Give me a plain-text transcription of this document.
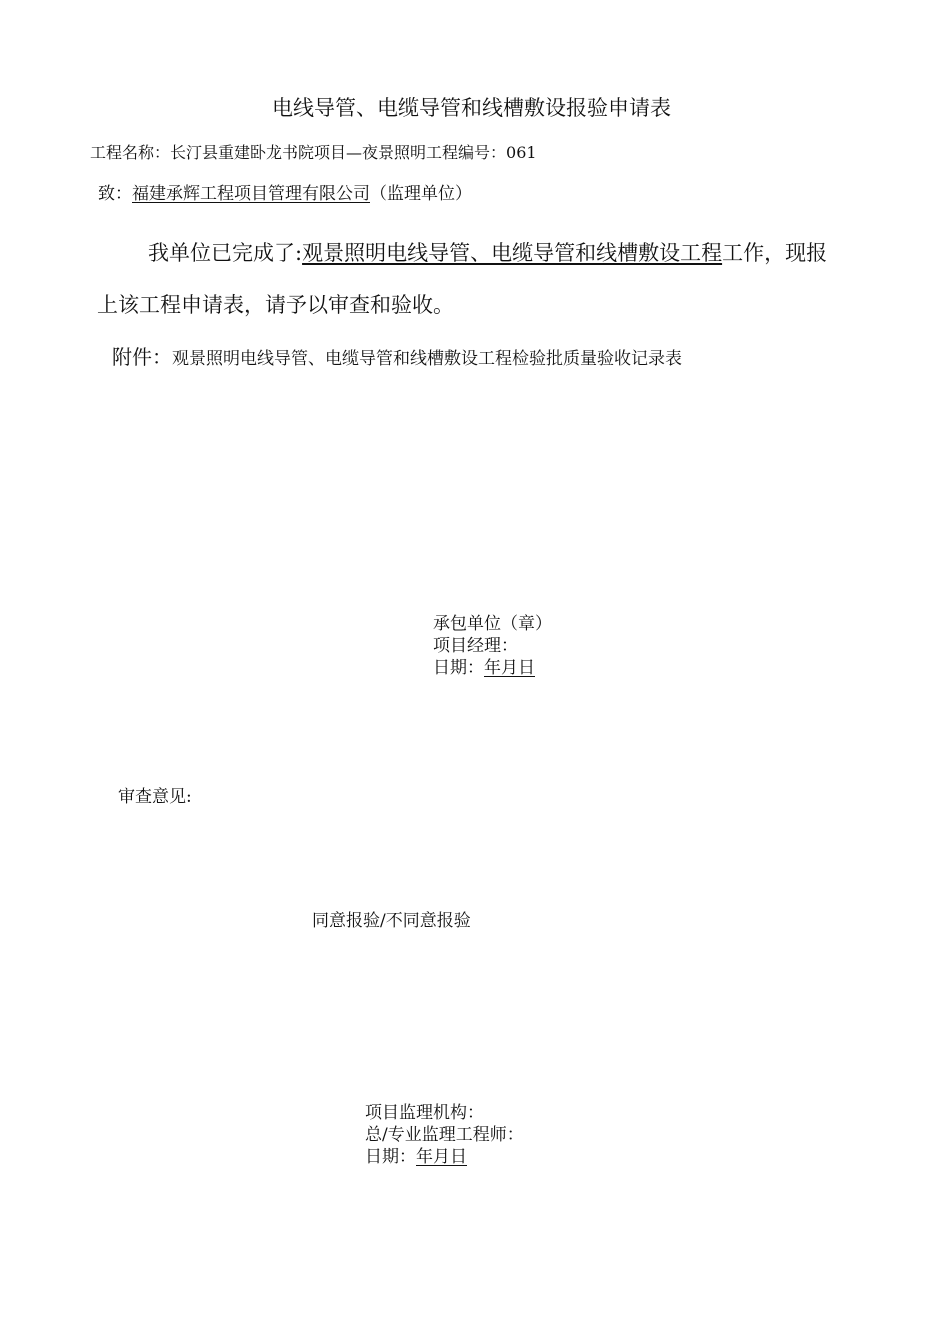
电线导管、电缆导管和线槽敷设报验申请表
工程名称：长汀县重建卧龙书院项目—夜景照明工程编号：061
致：福建承辉工程项目管理有限公司（监理单位）
我单位已完成了:观景照明电线导管、电缆导管和线槽敷设工程工作，现报
上该工程申请表，请予以审查和验收。
附件：观景照明电线导管、电缆导管和线槽敷设工程检验批质量验收记录表
承包单位（章）
项目经理：
日期：年月日
审查意见:
同意报验/不同意报验
项目监理机构：
总/专业监理工程师：
日期：年月日
